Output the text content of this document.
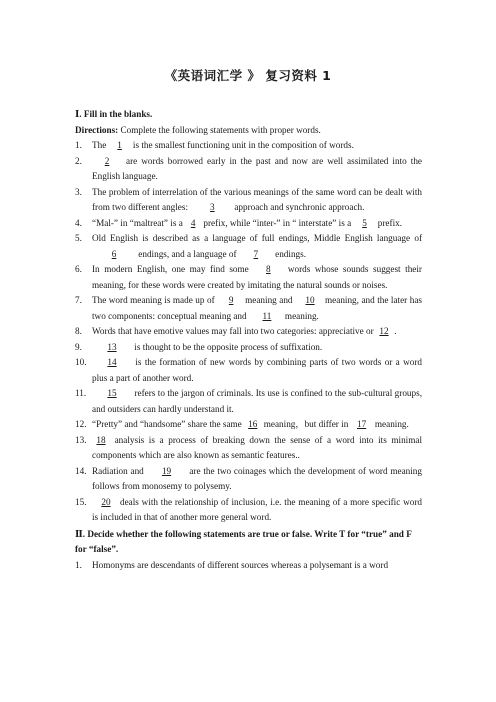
《英语词汇学 》 复习资料 1

Ⅰ. Fill in the blanks.

Directions: Complete the following statements with proper words.

1. The 1 is the smallest functioning unit in the composition of words.
2. 2 are words borrowed early in the past and now are well assimilated into the English language.
3. The problem of interrelation of the various meanings of the same word can be dealt with from two different angles: 3 approach and synchronic approach.
4. “Mal-” in “maltreat” is a 4 prefix, while “inter-” in “ interstate” is a 5 prefix.
5. Old English is described as a language of full endings, Middle English language of 6 endings, and a language of 7 endings.
6. In modern English, one may find some 8 words whose sounds suggest their meaning, for these words were created by imitating the natural sounds or noises.
7. The word meaning is made up of 9 meaning and 10 meaning, and the later has two components: conceptual meaning and 11 meaning.
8. Words that have emotive values may fall into two categories: appreciative or 12 .
9.	13 is thought to be the opposite process of suffixation.
10. 14 is the formation of new words by combining parts of two words or a word plus a part of another word.
11. 15 refers to the jargon of criminals. Its use is confined to the sub-cultural groups, and outsiders can hardly understand it.
12. “Pretty” and “handsome” share the same 16 meaning，but differ in 17 meaning.
13. 18 analysis is a process of breaking down the sense of a word into its minimal components which are also known as semantic features..
14. Radiation and 19 are the two coinages which the development of word meaning follows from monosemy to polysemy.
15. 20 deals with the relationship of inclusion, i.e. the meaning of a more specific word is included in that of another more general word.

Ⅱ. Decide whether the following statements are true or false. Write T for “true” and F for “false”.

1. Homonyms are descendants of different sources whereas a polysemant is a word
